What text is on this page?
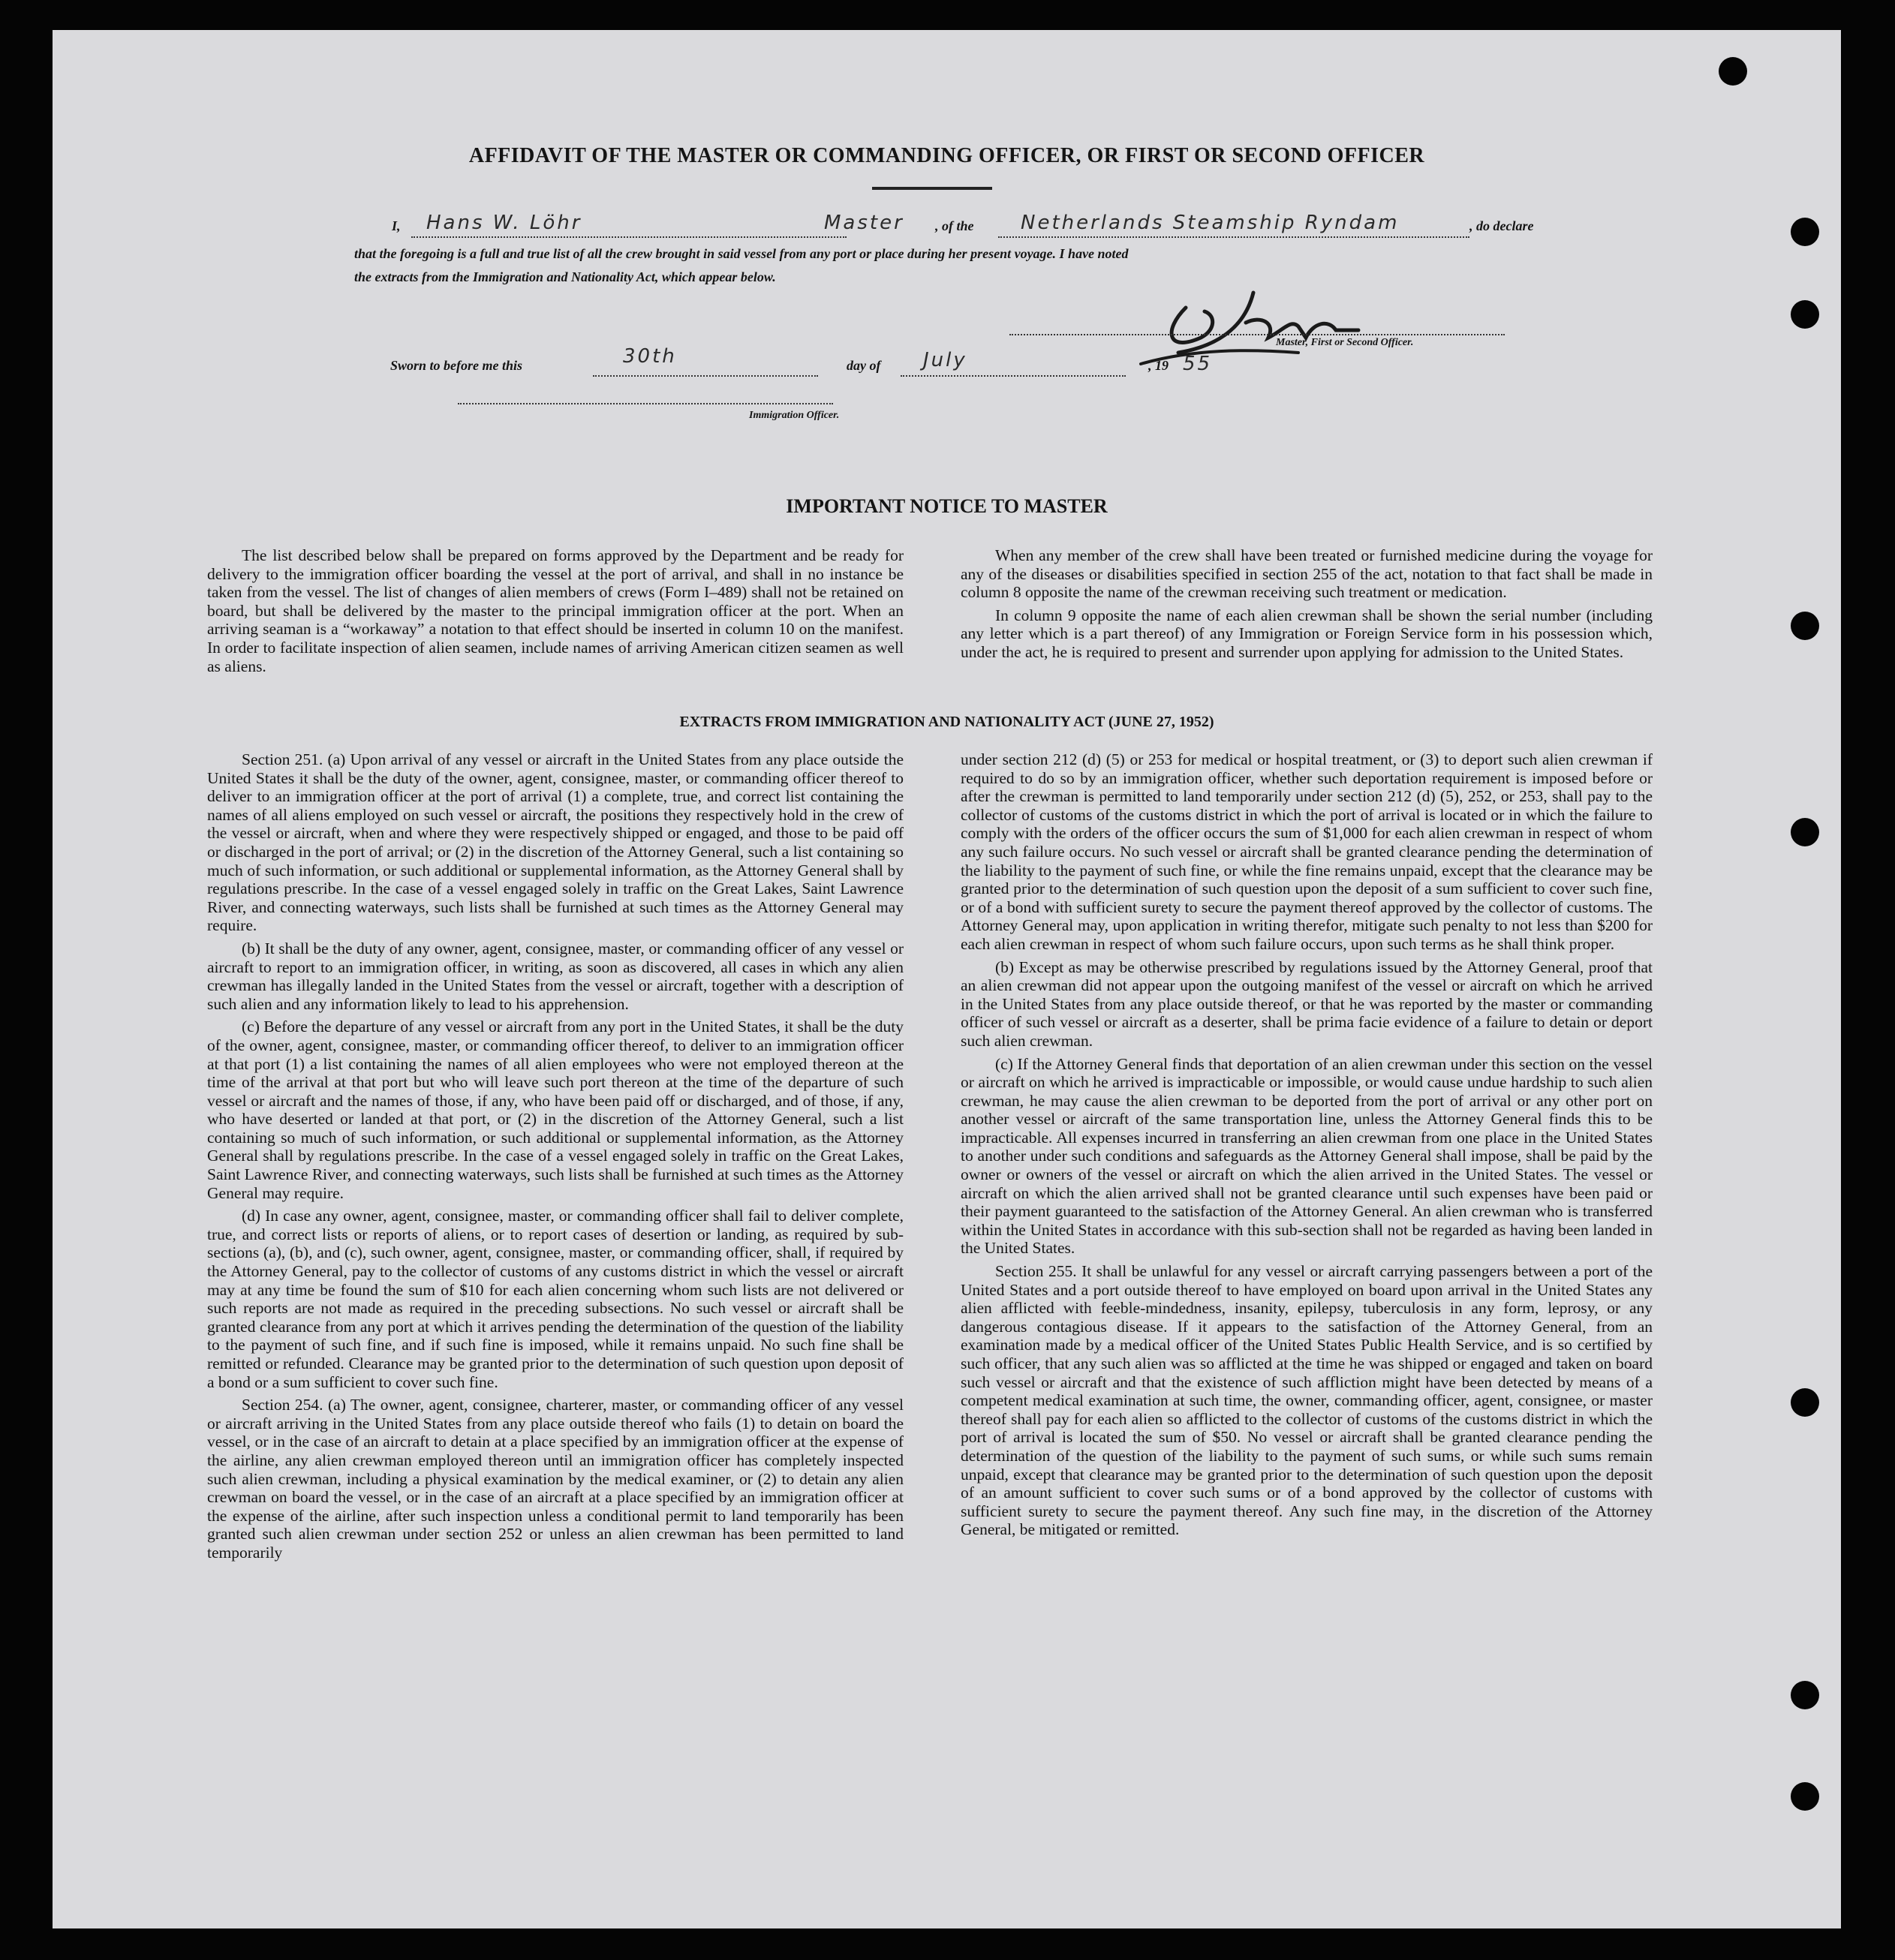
AFFIDAVIT OF THE MASTER OR COMMANDING OFFICER, OR FIRST OR SECOND OFFICER
I, Hans W. Löhr	Master , of the Netherlands Steamship Ryndam	, do declare
that the foregoing is a full and true list of all the crew brought in said vessel from any port or place during her present voyage. I have noted
the extracts from the Immigration and Nationality Act, which appear below.
Master, First or Second Officer.
Sworn to before me this	30th	day of July	, 19 55
Immigration Officer.
IMPORTANT NOTICE TO MASTER

The list described below shall be prepared on forms approved by the Department and be ready for delivery to the immigration officer boarding the vessel at the port of arrival, and shall in no instance be taken from the vessel. The list of changes of alien members of crews (Form I–489) shall not be retained on board, but shall be delivered by the master to the principal immigration officer at the port. When an arriving seaman is a “workaway” a notation to that effect should be inserted in column 10 on the manifest. In order to facilitate inspection of alien seamen, include names of arriving American citizen seamen as well as aliens.

When any member of the crew shall have been treated or furnished medicine during the voyage for any of the diseases or disabilities specified in section 255 of the act, notation to that fact shall be made in column 8 opposite the name of the crewman receiving such treatment or medication.

In column 9 opposite the name of each alien crewman shall be shown the serial number (including any letter which is a part thereof) of any Immigration or Foreign Service form in his possession which, under the act, he is required to present and surrender upon applying for admission to the United States.

EXTRACTS FROM IMMIGRATION AND NATIONALITY ACT (JUNE 27, 1952)

Section 251. (a) Upon arrival of any vessel or aircraft in the United States from any place outside the United States it shall be the duty of the owner, agent, consignee, master, or commanding officer thereof to deliver to an immigration officer at the port of arrival (1) a complete, true, and correct list containing the names of all aliens employed on such vessel or aircraft, the positions they respectively hold in the crew of the vessel or aircraft, when and where they were respectively shipped or engaged, and those to be paid off or discharged in the port of arrival; or (2) in the discretion of the Attorney General, such a list containing so much of such information, or such additional or supplemental information, as the Attorney General shall by regulations prescribe. In the case of a vessel engaged solely in traffic on the Great Lakes, Saint Lawrence River, and connecting waterways, such lists shall be furnished at such times as the Attorney General may require.

(b) It shall be the duty of any owner, agent, consignee, master, or commanding officer of any vessel or aircraft to report to an immigration officer, in writing, as soon as discovered, all cases in which any alien crewman has illegally landed in the United States from the vessel or aircraft, together with a description of such alien and any information likely to lead to his apprehension.

(c) Before the departure of any vessel or aircraft from any port in the United States, it shall be the duty of the owner, agent, consignee, master, or commanding officer thereof, to deliver to an immigration officer at that port (1) a list containing the names of all alien employees who were not employed thereon at the time of the arrival at that port but who will leave such port thereon at the time of the departure of such vessel or aircraft and the names of those, if any, who have been paid off or discharged, and of those, if any, who have deserted or landed at that port, or (2) in the discretion of the Attorney General, such a list containing so much of such information, or such additional or supplemental information, as the Attorney General shall by regulations prescribe. In the case of a vessel engaged solely in traffic on the Great Lakes, Saint Lawrence River, and connecting waterways, such lists shall be furnished at such times as the Attorney General may require.

(d) In case any owner, agent, consignee, master, or commanding officer shall fail to deliver complete, true, and correct lists or reports of aliens, or to report cases of desertion or landing, as required by sub-sections (a), (b), and (c), such owner, agent, consignee, master, or commanding officer, shall, if required by the Attorney General, pay to the collector of customs of any customs district in which the vessel or aircraft may at any time be found the sum of $10 for each alien concerning whom such lists are not delivered or such reports are not made as required in the preceding subsections. No such vessel or aircraft shall be granted clearance from any port at which it arrives pending the determination of the question of the liability to the payment of such fine, and if such fine is imposed, while it remains unpaid. No such fine shall be remitted or refunded. Clearance may be granted prior to the determination of such question upon deposit of a bond or a sum sufficient to cover such fine.

Section 254. (a) The owner, agent, consignee, charterer, master, or commanding officer of any vessel or aircraft arriving in the United States from any place outside thereof who fails (1) to detain on board the vessel, or in the case of an aircraft to detain at a place specified by an immigration officer at the expense of the airline, any alien crewman employed thereon until an immigration officer has completely inspected such alien crewman, including a physical examination by the medical examiner, or (2) to detain any alien crewman on board the vessel, or in the case of an aircraft at a place specified by an immigration officer at the expense of the airline, after such inspection unless a conditional permit to land temporarily has been granted such alien crewman under section 252 or unless an alien crewman has been permitted to land temporarily

under section 212 (d) (5) or 253 for medical or hospital treatment, or (3) to deport such alien crewman if required to do so by an immigration officer, whether such deportation requirement is imposed before or after the crewman is permitted to land temporarily under section 212 (d) (5), 252, or 253, shall pay to the collector of customs of the customs district in which the port of arrival is located or in which the failure to comply with the orders of the officer occurs the sum of $1,000 for each alien crewman in respect of whom any such failure occurs. No such vessel or aircraft shall be granted clearance pending the determination of the liability to the payment of such fine, or while the fine remains unpaid, except that the clearance may be granted prior to the determination of such question upon the deposit of a sum sufficient to cover such fine, or of a bond with sufficient surety to secure the payment thereof approved by the collector of customs. The Attorney General may, upon application in writing therefor, mitigate such penalty to not less than $200 for each alien crewman in respect of whom such failure occurs, upon such terms as he shall think proper.

(b) Except as may be otherwise prescribed by regulations issued by the Attorney General, proof that an alien crewman did not appear upon the outgoing manifest of the vessel or aircraft on which he arrived in the United States from any place outside thereof, or that he was reported by the master or commanding officer of such vessel or aircraft as a deserter, shall be prima facie evidence of a failure to detain or deport such alien crewman.

(c) If the Attorney General finds that deportation of an alien crewman under this section on the vessel or aircraft on which he arrived is impracticable or impossible, or would cause undue hardship to such alien crewman, he may cause the alien crewman to be deported from the port of arrival or any other port on another vessel or aircraft of the same transportation line, unless the Attorney General finds this to be impracticable. All expenses incurred in transferring an alien crewman from one place in the United States to another under such conditions and safeguards as the Attorney General shall impose, shall be paid by the owner or owners of the vessel or aircraft on which the alien arrived in the United States. The vessel or aircraft on which the alien arrived shall not be granted clearance until such expenses have been paid or their payment guaranteed to the satisfaction of the Attorney General. An alien crewman who is transferred within the United States in accordance with this sub-section shall not be regarded as having been landed in the United States.

Section 255. It shall be unlawful for any vessel or aircraft carrying passengers between a port of the United States and a port outside thereof to have employed on board upon arrival in the United States any alien afflicted with feeble-mindedness, insanity, epilepsy, tuberculosis in any form, leprosy, or any dangerous contagious disease. If it appears to the satisfaction of the Attorney General, from an examination made by a medical officer of the United States Public Health Service, and is so certified by such officer, that any such alien was so afflicted at the time he was shipped or engaged and taken on board such vessel or aircraft and that the existence of such affliction might have been detected by means of a competent medical examination at such time, the owner, commanding officer, agent, consignee, or master thereof shall pay for each alien so afflicted to the collector of customs of the customs district in which the port of arrival is located the sum of $50. No vessel or aircraft shall be granted clearance pending the determination of the question of the liability to the payment of such sums, or while such sums remain unpaid, except that clearance may be granted prior to the determination of such question upon the deposit of an amount sufficient to cover such sums or of a bond approved by the collector of customs with sufficient surety to secure the payment thereof. Any such fine may, in the discretion of the Attorney General, be mitigated or remitted.
